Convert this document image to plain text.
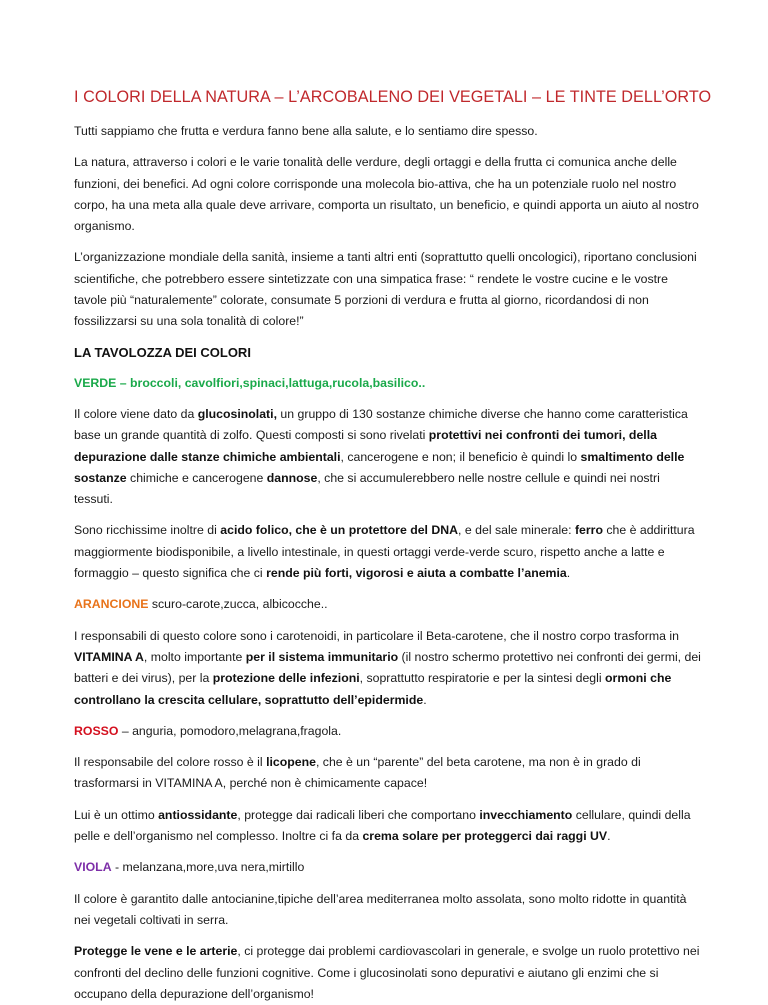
I COLORI DELLA NATURA – L’ARCOBALENO DEI VEGETALI – LE TINTE DELL’ORTO

Tutti sappiamo che frutta e verdura fanno bene alla salute, e lo sentiamo dire spesso.

La natura, attraverso i colori e le varie tonalità delle verdure, degli ortaggi e della frutta ci comunica anche delle funzioni, dei benefici. Ad ogni colore corrisponde una molecola bio-attiva, che ha un potenziale ruolo nel nostro corpo, ha una meta alla quale deve arrivare, comporta un risultato, un beneficio, e quindi apporta un aiuto al nostro organismo.

L’organizzazione mondiale della sanità, insieme a tanti altri enti (soprattutto quelli oncologici), riportano conclusioni scientifiche, che potrebbero essere sintetizzate con una simpatica frase: “ rendete le vostre cucine e le vostre tavole più “naturalemente” colorate, consumate 5 porzioni di verdura e frutta al giorno, ricordandosi di non fossilizzarsi su una sola tonalità di colore!”

LA TAVOLOZZA DEI COLORI

VERDE – broccoli, cavolfiori,spinaci,lattuga,rucola,basilico..

Il colore viene dato da glucosinolati, un gruppo di 130 sostanze chimiche diverse che hanno come caratteristica base un grande quantità di zolfo. Questi composti si sono rivelati protettivi nei confronti dei tumori, della depurazione dalle stanze chimiche ambientali, cancerogene e non; il beneficio è quindi lo smaltimento delle sostanze chimiche e cancerogene dannose, che si accumulerebbero nelle nostre cellule e quindi nei nostri tessuti.

Sono ricchissime inoltre di acido folico, che è un protettore del DNA, e del sale minerale: ferro che è addirittura maggiormente biodisponibile, a livello intestinale, in questi ortaggi verde-verde scuro, rispetto anche a latte e formaggio – questo significa che ci rende più forti, vigorosi e aiuta a combatte l’anemia.

ARANCIONE scuro-carote,zucca, albicocche..

I responsabili di questo colore sono i carotenoidi, in particolare il Beta-carotene, che il nostro corpo trasforma in VITAMINA A, molto importante per il sistema immunitario (il nostro schermo protettivo nei confronti dei germi, dei batteri e dei virus), per la protezione delle infezioni, soprattutto respiratorie e per la sintesi degli ormoni che controllano la crescita cellulare, soprattutto dell’epidermide.

ROSSO – anguria, pomodoro,melagrana,fragola.

Il responsabile del colore rosso è il licopene, che è un “parente” del beta carotene, ma non è in grado di trasformarsi in VITAMINA A, perché non è chimicamente capace!

Lui è un ottimo antiossidante, protegge dai radicali liberi che comportano invecchiamento cellulare, quindi della pelle e dell’organismo nel complesso. Inoltre ci fa da crema solare per proteggerci dai raggi UV.

VIOLA - melanzana,more,uva nera,mirtillo

Il colore è garantito dalle antocianine,tipiche dell’area mediterranea molto assolata, sono molto ridotte in quantità nei vegetali coltivati in serra.

Protegge le vene e le arterie, ci protegge dai problemi cardiovascolari in generale, e svolge un ruolo protettivo nei confronti del declino delle funzioni cognitive. Come i glucosinolati sono depurativi e aiutano gli enzimi che si occupano della depurazione dell’organismo!
